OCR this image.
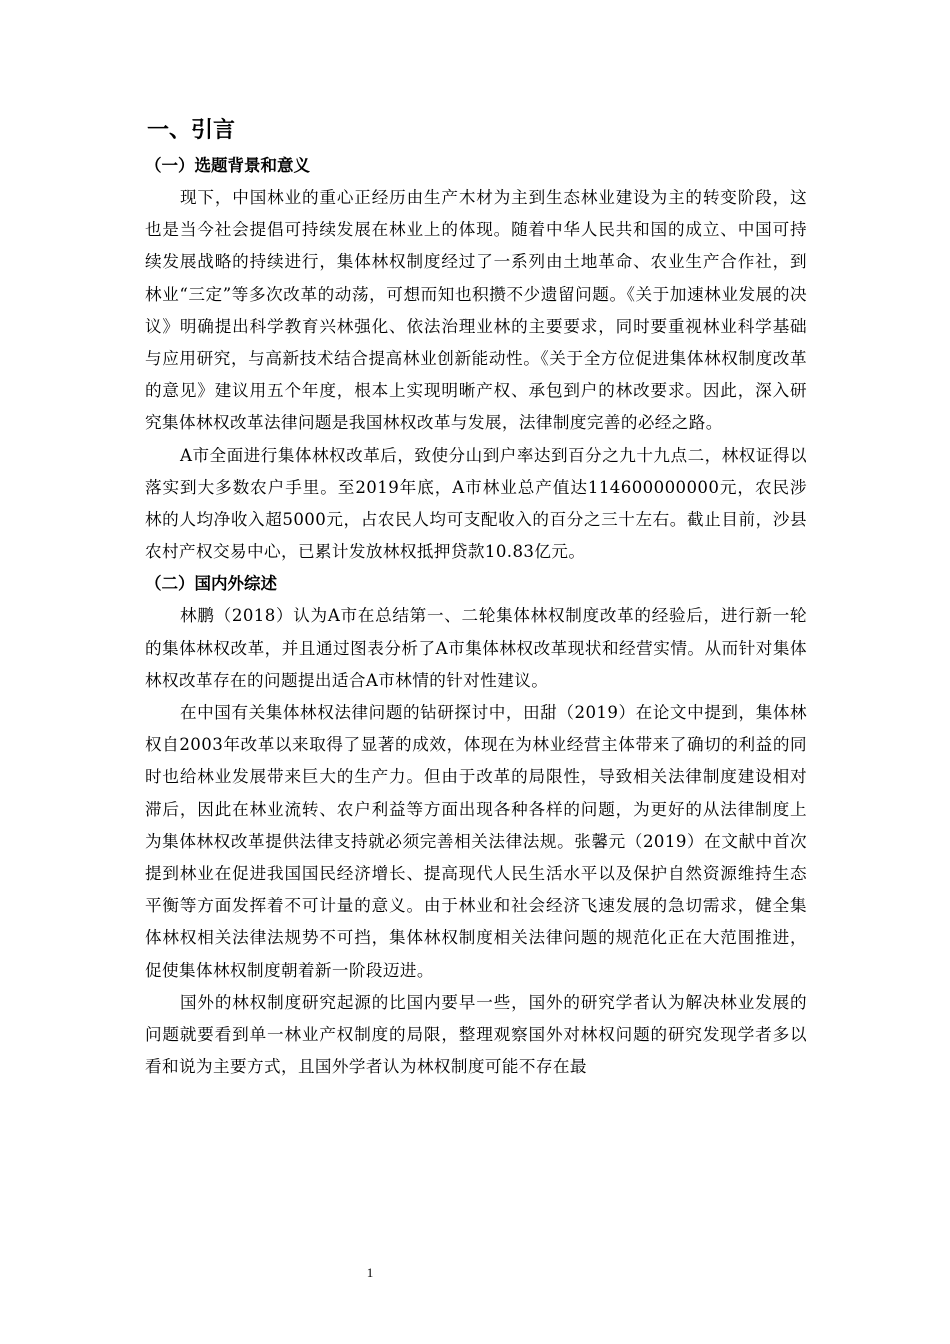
一、引言
（一）选题背景和意义

现下，中国林业的重心正经历由生产木材为主到生态林业建设为主的转变阶段，这也是当今社会提倡可持续发展在林业上的体现。随着中华人民共和国的成立、中国可持续发展战略的持续进行，集体林权制度经过了一系列由土地革命、农业生产合作社，到林业“三定”等多次改革的动荡，可想而知也积攒不少遗留问题。《关于加速林业发展的决议》明确提出科学教育兴林强化、依法治理业林的主要要求，同时要重视林业科学基础与应用研究，与高新技术结合提高林业创新能动性。《关于全方位促进集体林权制度改革的意见》建议用五个年度，根本上实现明晰产权、承包到户的林改要求。因此，深入研究集体林权改革法律问题是我国林权改革与发展，法律制度完善的必经之路。

A市全面进行集体林权改革后，致使分山到户率达到百分之九十九点二，林权证得以落实到大多数农户手里。至2019年底，A市林业总产值达114600000000元，农民涉林的人均净收入超5000元，占农民人均可支配收入的百分之三十左右。截止目前，沙县农村产权交易中心，已累计发放林权抵押贷款10.83亿元。

（二）国内外综述

林鹏（2018）认为A市在总结第一、二轮集体林权制度改革的经验后，进行新一轮的集体林权改革，并且通过图表分析了A市集体林权改革现状和经营实情。从而针对集体林权改革存在的问题提出适合A市林情的针对性建议。

在中国有关集体林权法律问题的钻研探讨中，田甜（2019）在论文中提到，集体林权自2003年改革以来取得了显著的成效，体现在为林业经营主体带来了确切的利益的同时也给林业发展带来巨大的生产力。但由于改革的局限性，导致相关法律制度建设相对滞后，因此在林业流转、农户利益等方面出现各种各样的问题，为更好的从法律制度上为集体林权改革提供法律支持就必须完善相关法律法规。张馨元（2019）在文献中首次提到林业在促进我国国民经济增长、提高现代人民生活水平以及保护自然资源维持生态平衡等方面发挥着不可计量的意义。由于林业和社会经济飞速发展的急切需求，健全集体林权相关法律法规势不可挡，集体林权制度相关法律问题的规范化正在大范围推进，促使集体林权制度朝着新一阶段迈进。

国外的林权制度研究起源的比国内要早一些，国外的研究学者认为解决林业发展的问题就要看到单一林业产权制度的局限，整理观察国外对林权问题的研究发现学者多以看和说为主要方式，且国外学者认为林权制度可能不存在最

1
